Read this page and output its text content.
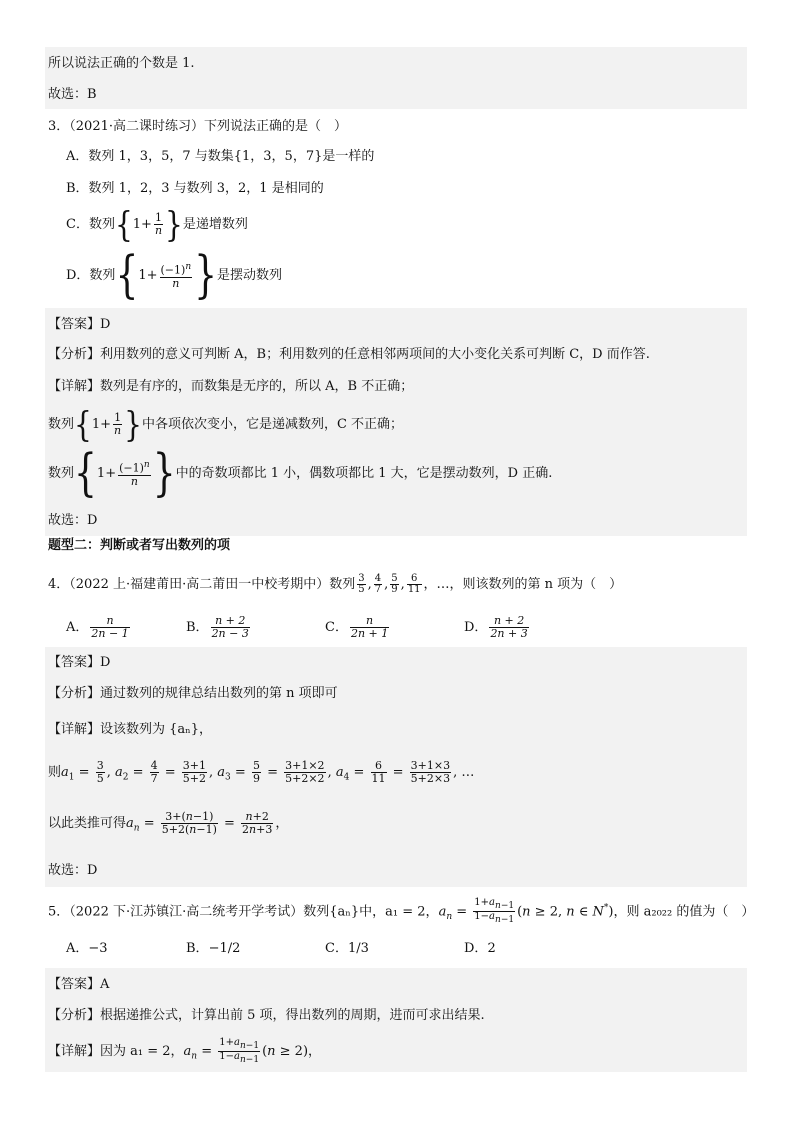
所以说法正确的个数是 1.
故选：B
3．（2021·高二课时练习）下列说法正确的是（　）
A．数列 1，3，5，7 与数集{1，3，5，7}是一样的
B．数列 1，2，3 与数列 3，2，1 是相同的
C．数列{$1+ \frac{1}{n}$ }是递增数列
D．数列{$1+ \frac{(-1)^n}{n}$ }是摆动数列
【答案】D
【分析】利用数列的意义可判断 A，B；利用数列的任意相邻两项间的大小变化关系可判断 C，D 而作答.
【详解】数列是有序的，而数集是无序的，所以 A，B 不正确；
数列{$1+ \frac{1}{n}$ }中各项依次变小，它是递减数列，C 不正确；
数列{$1+ \frac{(-1)^n}{n}$ }中的奇数项都比 1 小，偶数项都比 1 大，它是摆动数列，D 正确.
故选：D
题型二：判断或者写出数列的项
4．（2022 上·福建莆田·高二莆田一中校考期中）数列 $\frac{3}{5}$ , $\frac{4}{7}$ , $\frac{5}{9}$ , $\frac{6}{11}$ ，…，则该数列的第 n 项为（　）
A． $\frac{n}{2n - 1}$	B． $\frac{n + 2}{2n - 3}$	C． $\frac{n}{2n + 1}$	D． $\frac{n + 2}{2n + 3}$
【答案】D
【分析】通过数列的规律总结出数列的第 n 项即可
【详解】设该数列为 {aₙ}，
则$a_1 = \frac{3}{5}$ , $a_2 = \frac{4}{7} = \frac{3+1}{5+2}$ , $a_3 = \frac{5}{9} = \frac{3+1\times 2}{5+2\times 2}$ , $a_4 = \frac{6}{11} = \frac{3+1\times 3}{5+2\times 3}$ , …
以此类推可得$a_n = \frac{3+(n-1)}{5+2(n-1)} = \frac{n+2}{2n+3}$ ，
故选：D
5．（2022 下·江苏镇江·高二统考开学考试）数列{aₙ}中，a₁ = 2，$a_n = \frac{1+a_{n-1}}{1-a_{n-1}} (n \ge 2$, n ∈ N*)，则 a₂₀₂₂ 的值为（　）
A．−3	B．−1/2	C．1/3	D．2
【答案】A
【分析】根据递推公式，计算出前 5 项，得出数列的周期，进而可求出结果.
【详解】因为 a₁ = 2，$a_n = \frac{1+a_{n-1}}{1-a_{n-1}} (n \ge 2)$，
